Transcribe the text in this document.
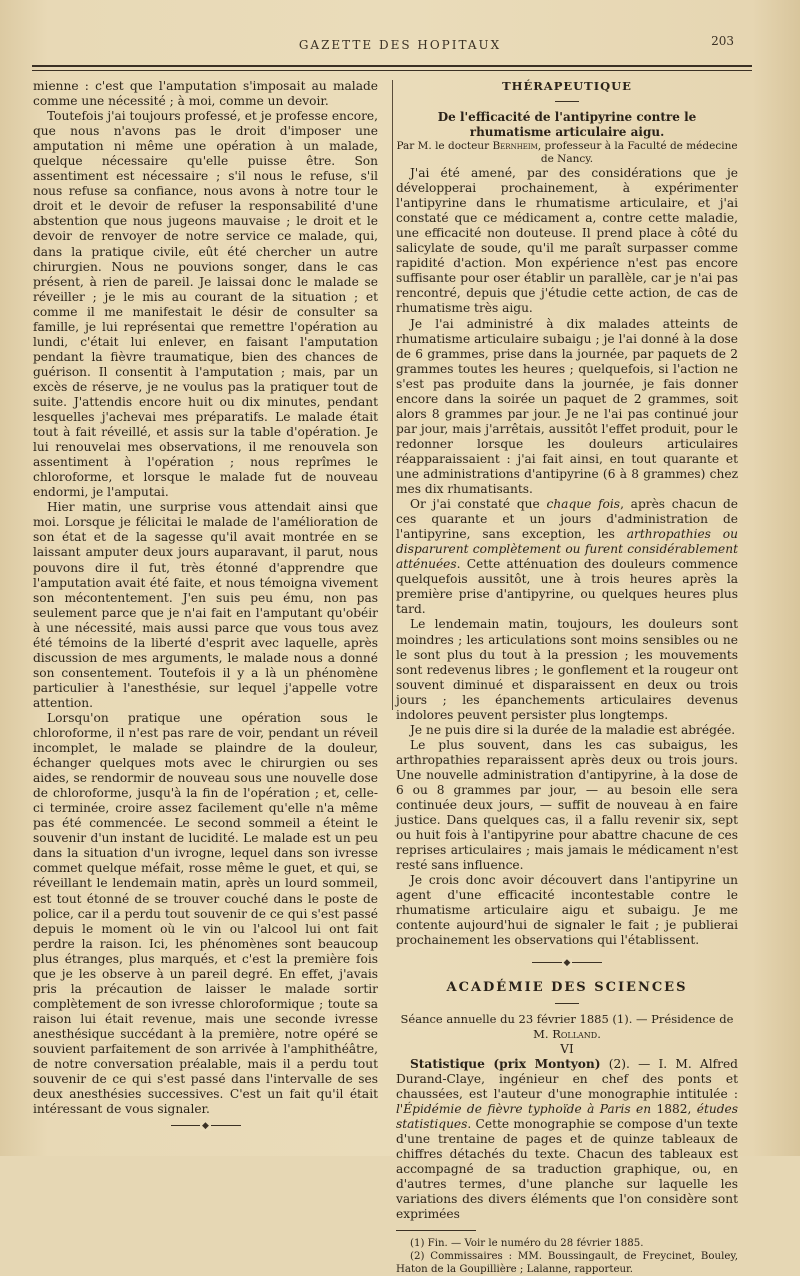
GAZETTE DES HOPITAUX	203

mienne : c'est que l'amputation s'imposait au malade comme une nécessité ; à moi, comme un devoir.

Toutefois j'ai toujours professé, et je professe encore, que nous n'avons pas le droit d'imposer une amputation ni même une opération à un malade, quelque nécessaire qu'elle puisse être. Son assentiment est nécessaire ; s'il nous le refuse, s'il nous refuse sa confiance, nous avons à notre tour le droit et le devoir de refuser la responsabilité d'une abstention que nous jugeons mauvaise ; le droit et le devoir de renvoyer de notre service ce malade, qui, dans la pratique civile, eût été chercher un autre chirurgien. Nous ne pouvions songer, dans le cas présent, à rien de pareil. Je laissai donc le malade se réveiller ; je le mis au courant de la situation ; et comme il me manifestait le désir de consulter sa famille, je lui représentai que remettre l'opération au lundi, c'était lui enlever, en faisant l'amputation pendant la fièvre traumatique, bien des chances de guérison. Il consentit à l'amputation ; mais, par un excès de réserve, je ne voulus pas la pratiquer tout de suite. J'attendis encore huit ou dix minutes, pendant lesquelles j'achevai mes préparatifs. Le malade était tout à fait réveillé, et assis sur la table d'opération. Je lui renouvelai mes observations, il me renouvela son assentiment à l'opération ; nous reprîmes le chloroforme, et lorsque le malade fut de nouveau endormi, je l'amputai.

Hier matin, une surprise vous attendait ainsi que moi. Lorsque je félicitai le malade de l'amélioration de son état et de la sagesse qu'il avait montrée en se laissant amputer deux jours auparavant, il parut, nous pouvons dire il fut, très étonné d'apprendre que l'amputation avait été faite, et nous témoigna vivement son mécontentement. J'en suis peu ému, non pas seulement parce que je n'ai fait en l'amputant qu'obéir à une nécessité, mais aussi parce que vous tous avez été témoins de la liberté d'esprit avec laquelle, après discussion de mes arguments, le malade nous a donné son consentement. Toutefois il y a là un phénomène particulier à l'anesthésie, sur lequel j'appelle votre attention.

Lorsqu'on pratique une opération sous le chloroforme, il n'est pas rare de voir, pendant un réveil incomplet, le malade se plaindre de la douleur, échanger quelques mots avec le chirurgien ou ses aides, se rendormir de nouveau sous une nouvelle dose de chloroforme, jusqu'à la fin de l'opération ; et, celle-ci terminée, croire assez facilement qu'elle n'a même pas été commencée. Le second sommeil a éteint le souvenir d'un instant de lucidité. Le malade est un peu dans la situation d'un ivrogne, lequel dans son ivresse commet quelque méfait, rosse même le guet, et qui, se réveillant le lendemain matin, après un lourd sommeil, est tout étonné de se trouver couché dans le poste de police, car il a perdu tout souvenir de ce qui s'est passé depuis le moment où le vin ou l'alcool lui ont fait perdre la raison. Ici, les phénomènes sont beaucoup plus étranges, plus marqués, et c'est la première fois que je les observe à un pareil degré. En effet, j'avais pris la précaution de laisser le malade sortir complètement de son ivresse chloroformique ; toute sa raison lui était revenue, mais une seconde ivresse anesthésique succédant à la première, notre opéré se souvient parfaitement de son arrivée à l'amphithéâtre, de notre conversation préalable, mais il a perdu tout souvenir de ce qui s'est passé dans l'intervalle de ses deux anesthésies successives. C'est un fait qu'il était intéressant de vous signaler.

◆

THÉRAPEUTIQUE

De l'efficacité de l'antipyrine contre le rhumatisme articulaire aigu.

Par M. le docteur Bernheim, professeur à la Faculté de médecine de Nancy.

J'ai été amené, par des considérations que je développerai prochainement, à expérimenter l'antipyrine dans le rhumatisme articulaire, et j'ai constaté que ce médicament a, contre cette maladie, une efficacité non douteuse. Il prend place à côté du salicylate de soude, qu'il me paraît surpasser comme rapidité d'action. Mon expérience n'est pas encore suffisante pour oser établir un parallèle, car je n'ai pas rencontré, depuis que j'étudie cette action, de cas de rhumatisme très aigu.

Je l'ai administré à dix malades atteints de rhumatisme articulaire subaigu ; je l'ai donné à la dose de 6 grammes, prise dans la journée, par paquets de 2 grammes toutes les heures ; quelquefois, si l'action ne s'est pas produite dans la journée, je fais donner encore dans la soirée un paquet de 2 grammes, soit alors 8 grammes par jour. Je ne l'ai pas continué jour par jour, mais j'arrêtais, aussitôt l'effet produit, pour le redonner lorsque les douleurs articulaires réapparaissaient : j'ai fait ainsi, en tout quarante et une administrations d'antipyrine (6 à 8 grammes) chez mes dix rhumatisants.

Or j'ai constaté que chaque fois, après chacun de ces quarante et un jours d'administration de l'antipyrine, sans exception, les arthropathies ou disparurent complètement ou furent considérablement atténuées. Cette atténuation des douleurs commence quelquefois aussitôt, une à trois heures après la première prise d'antipyrine, ou quelques heures plus tard.

Le lendemain matin, toujours, les douleurs sont moindres ; les articulations sont moins sensibles ou ne le sont plus du tout à la pression ; les mouvements sont redevenus libres ; le gonflement et la rougeur ont souvent diminué et disparaissent en deux ou trois jours ; les épanchements articulaires devenus indolores peuvent persister plus longtemps.

Je ne puis dire si la durée de la maladie est abrégée.

Le plus souvent, dans les cas subaigus, les arthropathies reparaissent après deux ou trois jours. Une nouvelle administration d'antipyrine, à la dose de 6 ou 8 grammes par jour, — au besoin elle sera continuée deux jours, — suffit de nouveau à en faire justice. Dans quelques cas, il a fallu revenir six, sept ou huit fois à l'antipyrine pour abattre chacune de ces reprises articulaires ; mais jamais le médicament n'est resté sans influence.

Je crois donc avoir découvert dans l'antipyrine un agent d'une efficacité incontestable contre le rhumatisme articulaire aigu et subaigu. Je me contente aujourd'hui de signaler le fait ; je publierai prochainement les observations qui l'établissent.

◆

ACADÉMIE DES SCIENCES

Séance annuelle du 23 février 1885 (1). — Présidence de M. Rolland.

VI

Statistique (prix Montyon) (2). — I. M. Alfred Durand-Claye, ingénieur en chef des ponts et chaussées, est l'auteur d'une monographie intitulée : l'Épidémie de fièvre typhoïde à Paris en 1882, études statistiques. Cette monographie se compose d'un texte d'une trentaine de pages et de quinze tableaux de chiffres détachés du texte. Chacun des tableaux est accompagné de sa traduction graphique, ou, en d'autres termes, d'une planche sur laquelle les variations des divers éléments que l'on considère sont exprimées

(1) Fin. — Voir le numéro du 28 février 1885.

(2) Commissaires : MM. Boussingault, de Freycinet, Bouley, Haton de la Goupillière ; Lalanne, rapporteur.
